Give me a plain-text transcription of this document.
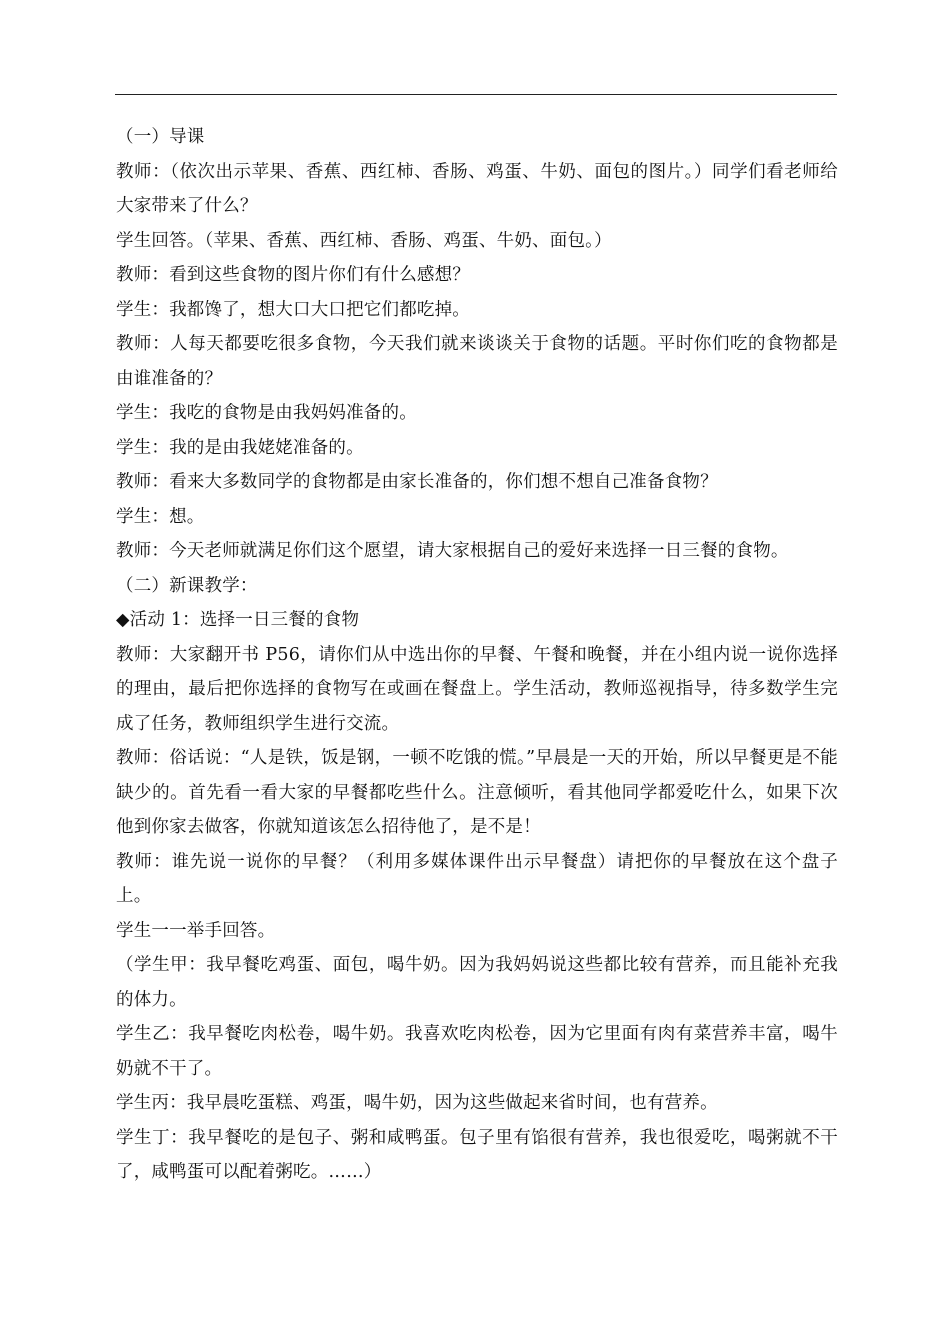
（一）导课

教师：（依次出示苹果、香蕉、西红柿、香肠、鸡蛋、牛奶、面包的图片。）同学们看老师给大家带来了什么？

学生回答。（苹果、香蕉、西红柿、香肠、鸡蛋、牛奶、面包。）

教师：看到这些食物的图片你们有什么感想？

学生：我都馋了，想大口大口把它们都吃掉。

教师：人每天都要吃很多食物，今天我们就来谈谈关于食物的话题。平时你们吃的食物都是由谁准备的？

学生：我吃的食物是由我妈妈准备的。

学生：我的是由我姥姥准备的。

教师：看来大多数同学的食物都是由家长准备的，你们想不想自己准备食物？

学生：想。

教师：今天老师就满足你们这个愿望，请大家根据自己的爱好来选择一日三餐的食物。

（二）新课教学：

◆活动 1：选择一日三餐的食物

教师：大家翻开书 P56，请你们从中选出你的早餐、午餐和晚餐，并在小组内说一说你选择的理由，最后把你选择的食物写在或画在餐盘上。学生活动，教师巡视指导，待多数学生完成了任务，教师组织学生进行交流。

教师：俗话说：“人是铁，饭是钢，一顿不吃饿的慌。”早晨是一天的开始，所以早餐更是不能缺少的。首先看一看大家的早餐都吃些什么。注意倾听，看其他同学都爱吃什么，如果下次他到你家去做客，你就知道该怎么招待他了，是不是！

教师：谁先说一说你的早餐？（利用多媒体课件出示早餐盘）请把你的早餐放在这个盘子上。

学生一一举手回答。

（学生甲：我早餐吃鸡蛋、面包，喝牛奶。因为我妈妈说这些都比较有营养，而且能补充我的体力。

学生乙：我早餐吃肉松卷，喝牛奶。我喜欢吃肉松卷，因为它里面有肉有菜营养丰富，喝牛奶就不干了。

学生丙：我早晨吃蛋糕、鸡蛋，喝牛奶，因为这些做起来省时间，也有营养。

学生丁：我早餐吃的是包子、粥和咸鸭蛋。包子里有馅很有营养，我也很爱吃，喝粥就不干了，咸鸭蛋可以配着粥吃。……）
